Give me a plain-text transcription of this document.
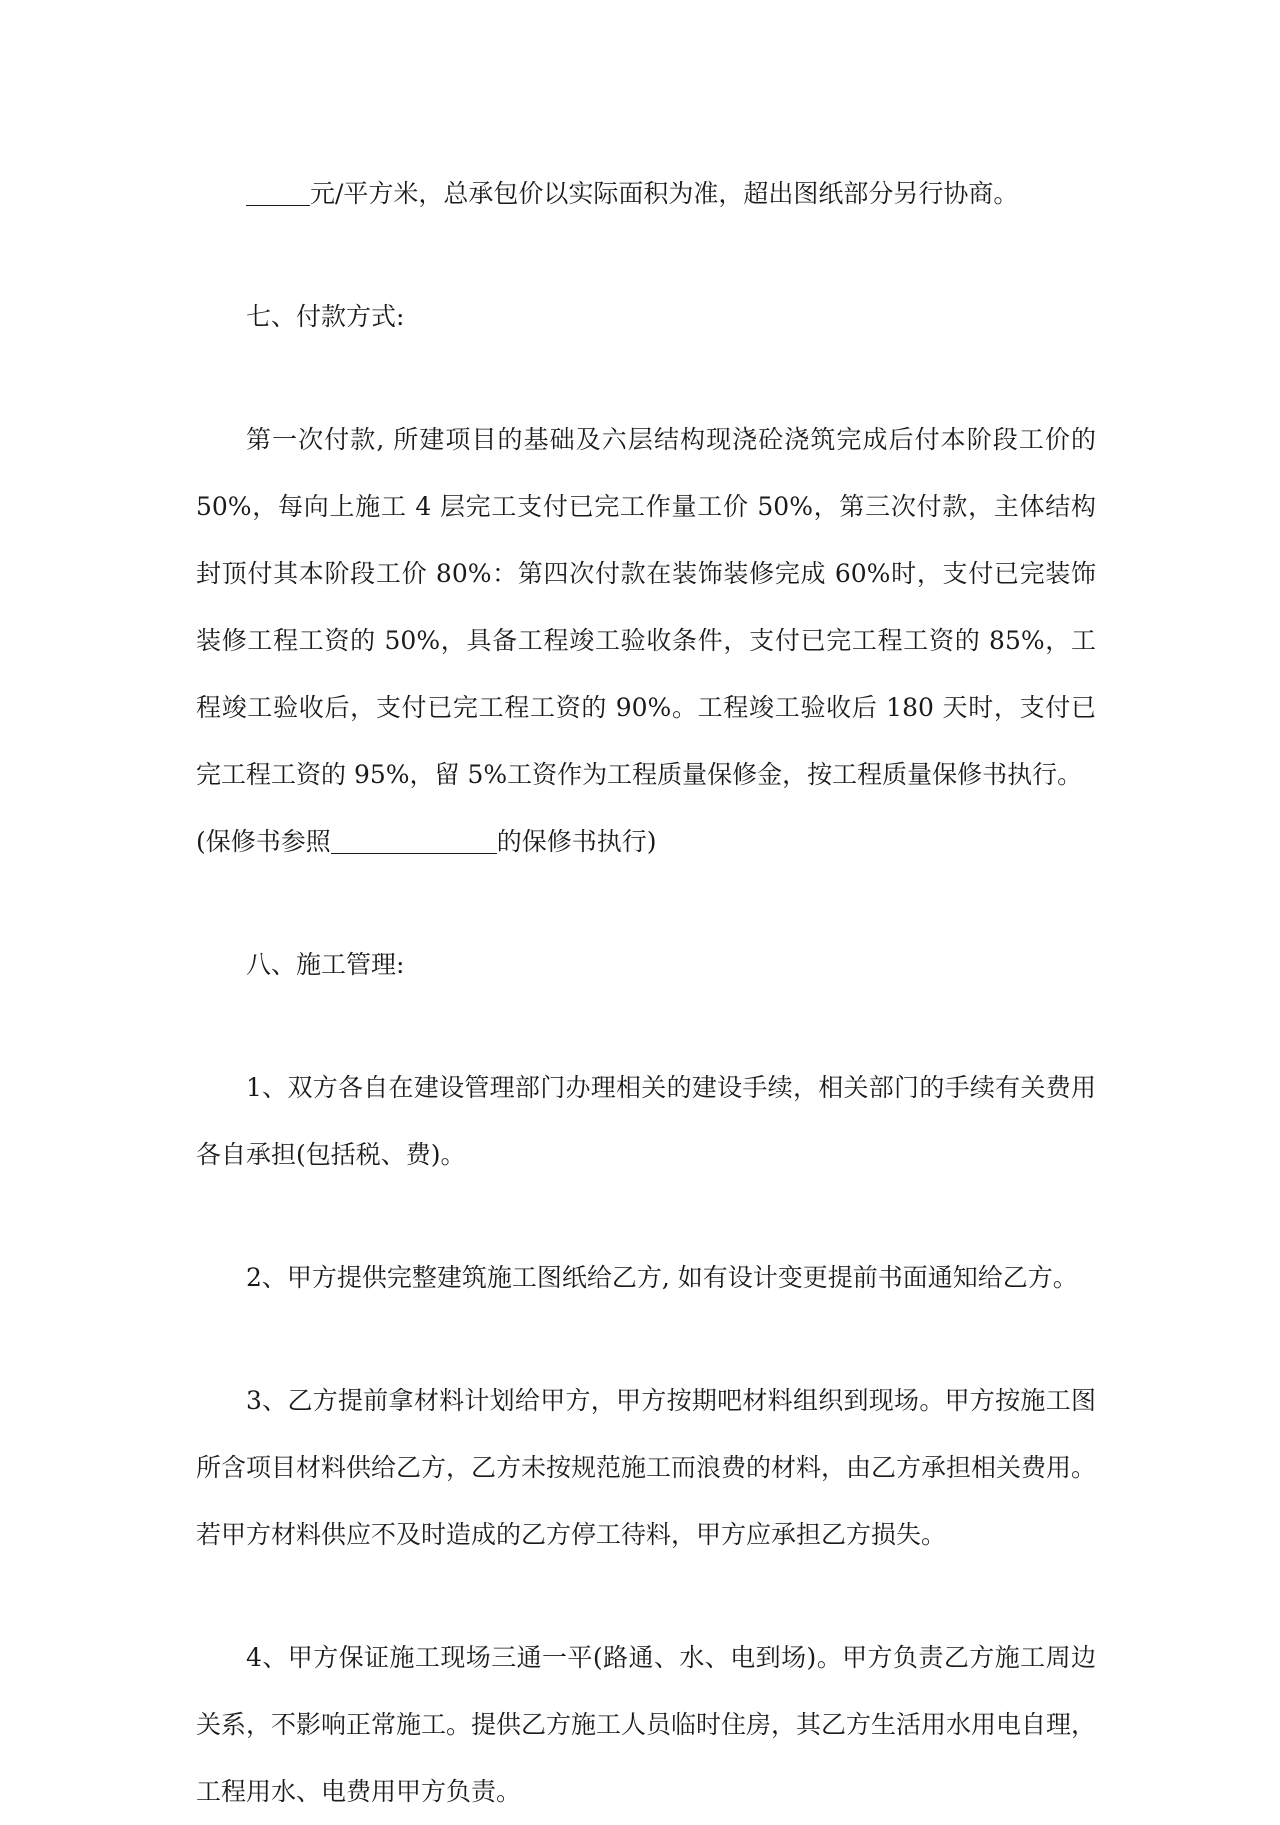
元/平方米，总承包价以实际面积为准，超出图纸部分另行协商。

七、付款方式:

第一次付款, 所建项目的基础及六层结构现浇砼浇筑完成后付本阶段工价的50%，每向上施工 4 层完工支付已完工作量工价 50%，第三次付款，主体结构封顶付其本阶段工价 80%：第四次付款在装饰装修完成 60%时，支付已完装饰装修工程工资的 50%，具备工程竣工验收条件，支付已完工程工资的 85%，工程竣工验收后，支付已完工程工资的 90%。工程竣工验收后 180 天时，支付已完工程工资的 95%，留 5%工资作为工程质量保修金，按工程质量保修书执行。
(保修书参照	的保修书执行)

八、施工管理:

1、双方各自在建设管理部门办理相关的建设手续，相关部门的手续有关费用各自承担(包括税、费)。

2、甲方提供完整建筑施工图纸给乙方, 如有设计变更提前书面通知给乙方。

3、乙方提前拿材料计划给甲方，甲方按期吧材料组织到现场。甲方按施工图所含项目材料供给乙方，乙方未按规范施工而浪费的材料，由乙方承担相关费用。若甲方材料供应不及时造成的乙方停工待料，甲方应承担乙方损失。

4、甲方保证施工现场三通一平(路通、水、电到场)。甲方负责乙方施工周边关系，不影响正常施工。提供乙方施工人员临时住房，其乙方生活用水用电自理，工程用水、电费用甲方负责。
